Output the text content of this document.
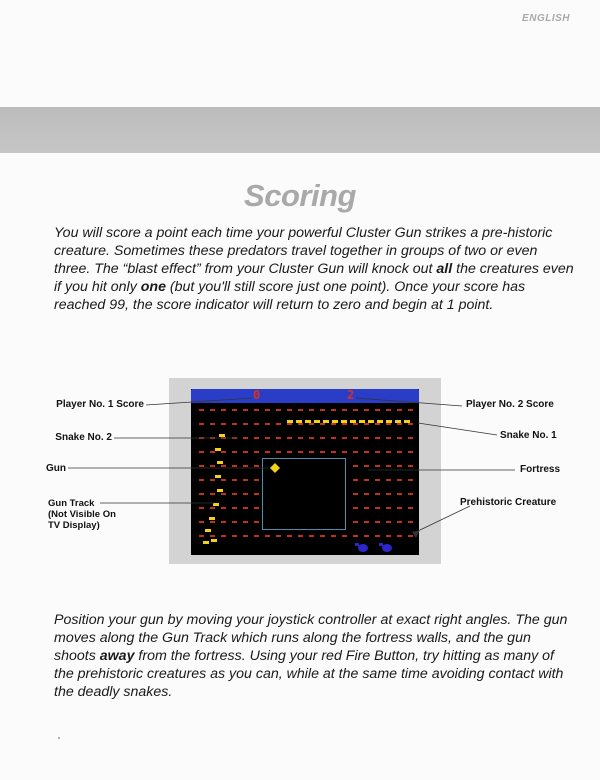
ENGLISH
Scoring

You will score a point each time your powerful Cluster Gun strikes a pre-historic creature. Sometimes these predators travel together in groups of two or even three. The “blast effect” from your Cluster Gun will knock out all the creatures even if you hit only one (but you'll still score just one point). Once your score has reached 99, the score indicator will return to zero and begin at 1 point.

0	2
Player No. 1 Score
Snake No. 2
Gun
Gun Track
(Not Visible On
TV Display)
Player No. 2 Score
Snake No. 1
Fortress
Prehistoric Creature

Position your gun by moving your joystick controller at exact right angles. The gun moves along the Gun Track which runs along the fortress walls, and the gun shoots away from the fortress. Using your red Fire Button, try hitting as many of the prehistoric creatures as you can, while at the same time avoiding contact with the deadly snakes.
